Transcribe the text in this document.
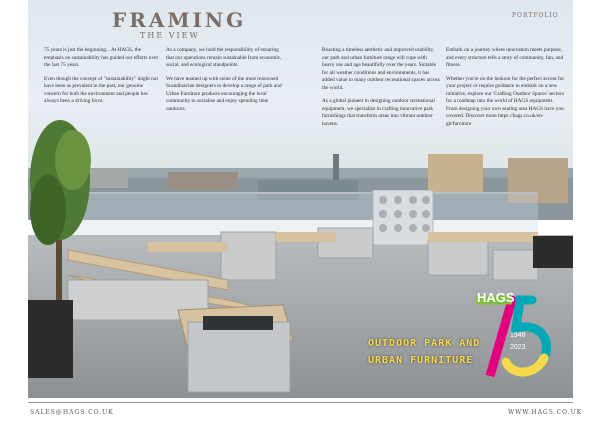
FRAMING
THE VIEW
PORTFOLIO

75 years is just the beginning... At HAGS, the emphasis on sustainability has guided our efforts over the last 75 years.

Even though the concept of "sustainability" might not have been as prevalent in the past, our genuine concern for both the environment and people has always been a driving force.

As a company, we hold the responsibility of ensuring that our operations remain sustainable from economic, social, and ecological standpoints.

We have teamed up with some of the most renowned Scandinavian designers to develop a range of park and Urban Furniture products encouraging the local community to socialise and enjoy spending time outdoors.

Boasting a timeless aesthetic and improved usability, our park and urban furniture range will cope with heavy use and age beautifully over the years. Suitable for all weather conditions and environments, it has added value to many outdoor recreational spaces across the world.

As a global pioneer in designing outdoor recreational equipment, we specialize in crafting innovative park furnishings that transform areas into vibrant outdoor havens.

Embark on a journey where innovation meets purpose, and every structure tells a story of community, fun, and fitness.

Whether you're on the lookout for the perfect accent for your project or require guidance to embark on a new initiative, explore our 'Crafting Outdoor Spaces' section for a roadmap into the world of HAGS equipment. From designing your own seating area HAGS have you covered. Discover more https://hags.co.uk/en-gb/furniture

OUTDOOR PARK AND
URBAN FURNITURE
HAGS
1948
2023
SALES@HAGS.CO.UK	WWW.HAGS.CO.UK
